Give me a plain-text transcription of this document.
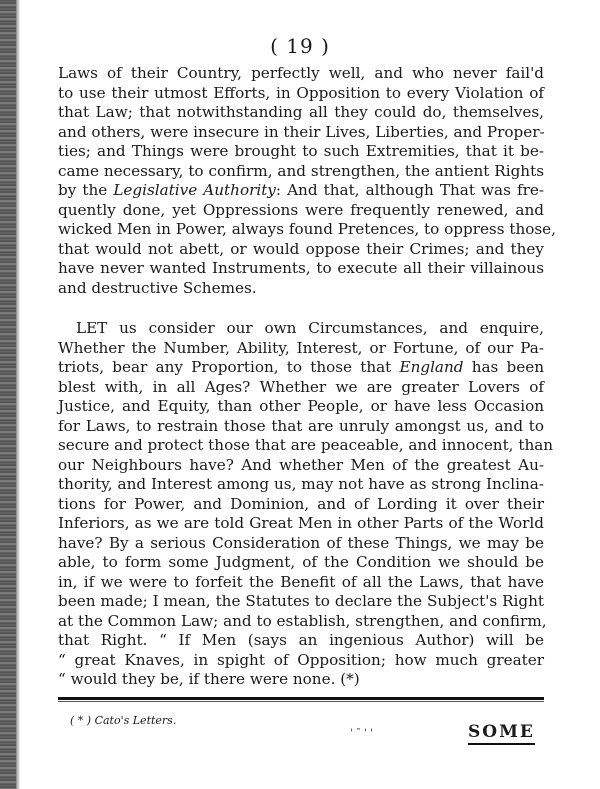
( 19 )
Laws of their Country, perfectly well, and who never fail'd
to use their utmost Efforts, in Opposition to every Violation of
that Law; that notwithstanding all they could do, themselves,
and others, were insecure in their Lives, Liberties, and Proper-
ties; and Things were brought to such Extremities, that it be-
came necessary, to confirm, and strengthen, the antient Rights
by the Legislative Authority: And that, although That was fre-
quently done, yet Oppressions were frequently renewed, and
wicked Men in Power, always found Pretences, to oppress those,
that would not abett, or would oppose their Crimes; and they
have never wanted Instruments, to execute all their villainous
and destructive Schemes.
LET us consider our own Circumstances, and enquire,
Whether the Number, Ability, Interest, or Fortune, of our Pa-
triots, bear any Proportion, to those that England has been
blest with, in all Ages? Whether we are greater Lovers of
Justice, and Equity, than other People, or have less Occasion
for Laws, to restrain those that are unruly amongst us, and to
secure and protect those that are peaceable, and innocent, than
our Neighbours have? And whether Men of the greatest Au-
thority, and Interest among us, may not have as strong Inclina-
tions for Power, and Dominion, and of Lording it over their
Inferiors, as we are told Great Men in other Parts of the World
have? By a serious Consideration of these Things, we may be
able, to form some Judgment, of the Condition we should be
in, if we were to forfeit the Benefit of all the Laws, that have
been made; I mean, the Statutes to declare the Subject's Right
at the Common Law; and to establish, strengthen, and confirm,
that Right. “ If Men (says an ingenious Author) will be
“ great Knaves, in spight of Opposition; how much greater
“ would they be, if there were none. (*)
( * ) Cato's Letters.
' ˜ ' '	SOME
